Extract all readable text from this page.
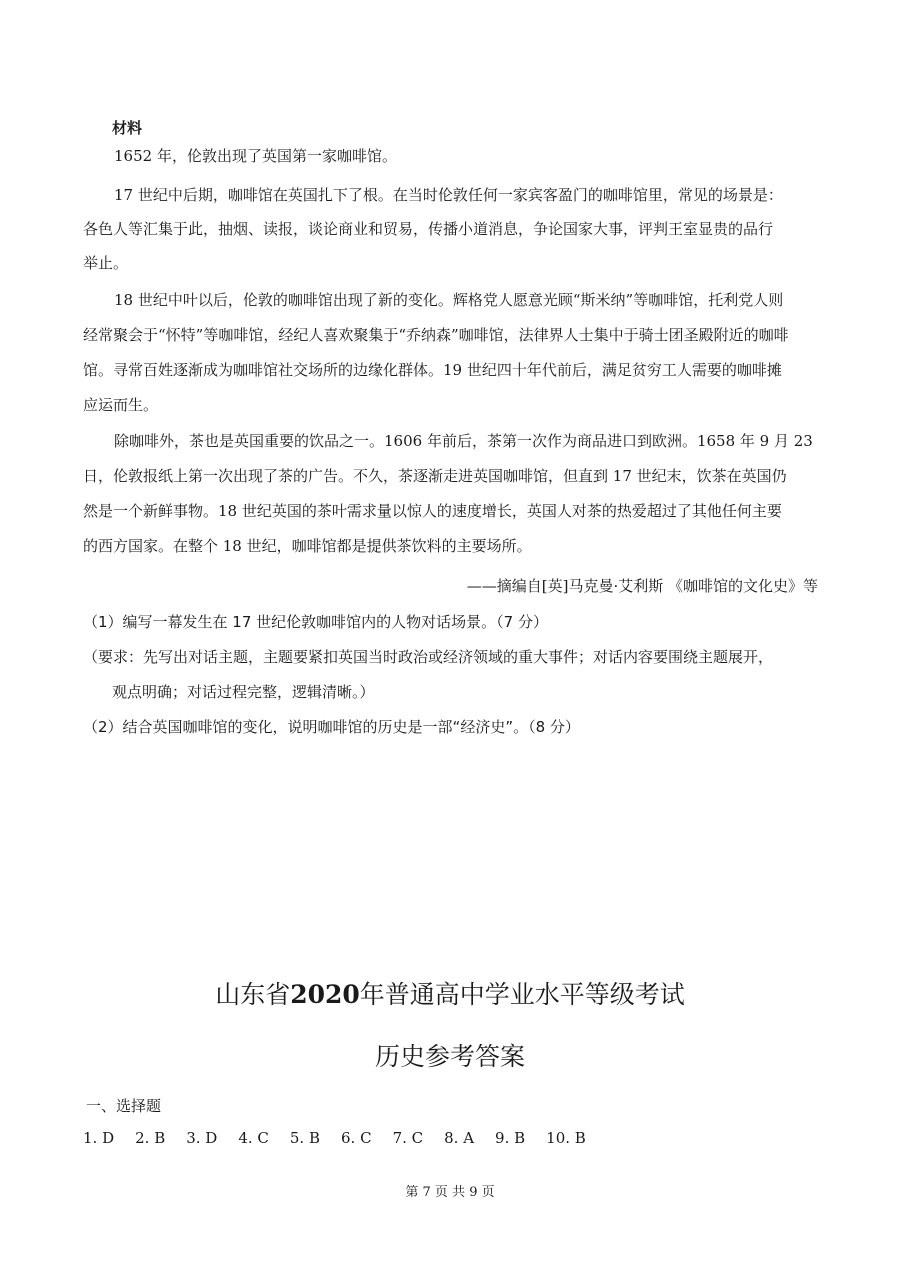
材料
1652 年，伦敦出现了英国第一家咖啡馆。
17 世纪中后期，咖啡馆在英国扎下了根。在当时伦敦任何一家宾客盈门的咖啡馆里，常见的场景是：
各色人等汇集于此，抽烟、读报，谈论商业和贸易，传播小道消息，争论国家大事，评判王室显贵的品行
举止。
18 世纪中叶以后，伦敦的咖啡馆出现了新的变化。辉格党人愿意光顾“斯米纳”等咖啡馆，托利党人则
经常聚会于“怀特”等咖啡馆，经纪人喜欢聚集于“乔纳森”咖啡馆，法律界人士集中于骑士团圣殿附近的咖啡
馆。寻常百姓逐渐成为咖啡馆社交场所的边缘化群体。19 世纪四十年代前后，满足贫穷工人需要的咖啡摊
应运而生。
除咖啡外，茶也是英国重要的饮品之一。1606 年前后，茶第一次作为商品进口到欧洲。1658 年 9 月 23
日，伦敦报纸上第一次出现了茶的广告。不久，茶逐渐走进英国咖啡馆，但直到 17 世纪末，饮茶在英国仍
然是一个新鲜事物。18 世纪英国的茶叶需求量以惊人的速度增长，英国人对茶的热爱超过了其他任何主要
的西方国家。在整个 18 世纪，咖啡馆都是提供茶饮料的主要场所。
——摘编自[英]马克曼·艾利斯 《咖啡馆的文化史》等
（1）编写一幕发生在 17 世纪伦敦咖啡馆内的人物对话场景。（7 分）
（要求：先写出对话主题，主题要紧扣英国当时政治或经济领域的重大事件；对话内容要围绕主题展开，
观点明确；对话过程完整，逻辑清晰。）
（2）结合英国咖啡馆的变化，说明咖啡馆的历史是一部“经济史”。（8 分）
山东省2020年普通高中学业水平等级考试
历史参考答案
一、选择题
1. D 2. B 3. D 4. C 5. B 6. C 7. C 8. A 9. B 10. B
第 7 页 共 9 页
